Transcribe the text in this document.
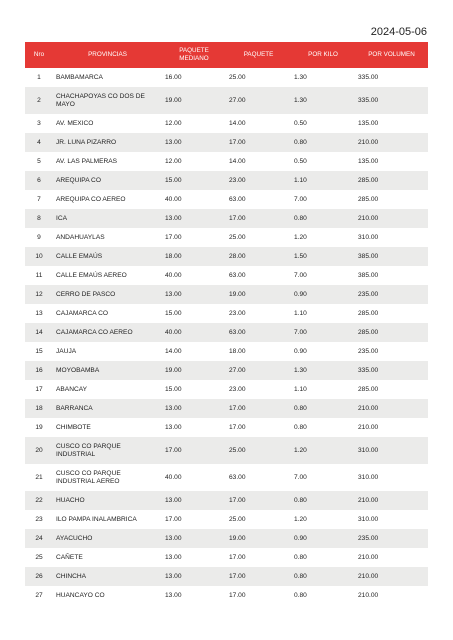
2024-05-06
Nro	PROVINCIAS	PAQUETE MEDIANO	PAQUETE	POR KILO	POR VOLUMEN
1	BAMBAMARCA	16.00	25.00	1.30	335.00
2	CHACHAPOYAS CO DOS DE MAYO	19.00	27.00	1.30	335.00
3	AV. MEXICO	12.00	14.00	0.50	135.00
4	JR. LUNA PIZARRO	13.00	17.00	0.80	210.00
5	AV. LAS PALMERAS	12.00	14.00	0.50	135.00
6	AREQUIPA CO	15.00	23.00	1.10	285.00
7	AREQUIPA CO AEREO	40.00	63.00	7.00	285.00
8	ICA	13.00	17.00	0.80	210.00
9	ANDAHUAYLAS	17.00	25.00	1.20	310.00
10	CALLE EMAÚS	18.00	28.00	1.50	385.00
11	CALLE EMAÚS AEREO	40.00	63.00	7.00	385.00
12	CERRO DE PASCO	13.00	19.00	0.90	235.00
13	CAJAMARCA CO	15.00	23.00	1.10	285.00
14	CAJAMARCA CO AEREO	40.00	63.00	7.00	285.00
15	JAUJA	14.00	18.00	0.90	235.00
16	MOYOBAMBA	19.00	27.00	1.30	335.00
17	ABANCAY	15.00	23.00	1.10	285.00
18	BARRANCA	13.00	17.00	0.80	210.00
19	CHIMBOTE	13.00	17.00	0.80	210.00
20	CUSCO CO PARQUE INDUSTRIAL	17.00	25.00	1.20	310.00
21	CUSCO CO PARQUE INDUSTRIAL AEREO	40.00	63.00	7.00	310.00
22	HUACHO	13.00	17.00	0.80	210.00
23	ILO PAMPA INALAMBRICA	17.00	25.00	1.20	310.00
24	AYACUCHO	13.00	19.00	0.90	235.00
25	CAÑETE	13.00	17.00	0.80	210.00
26	CHINCHA	13.00	17.00	0.80	210.00
27	HUANCAYO CO	13.00	17.00	0.80	210.00
